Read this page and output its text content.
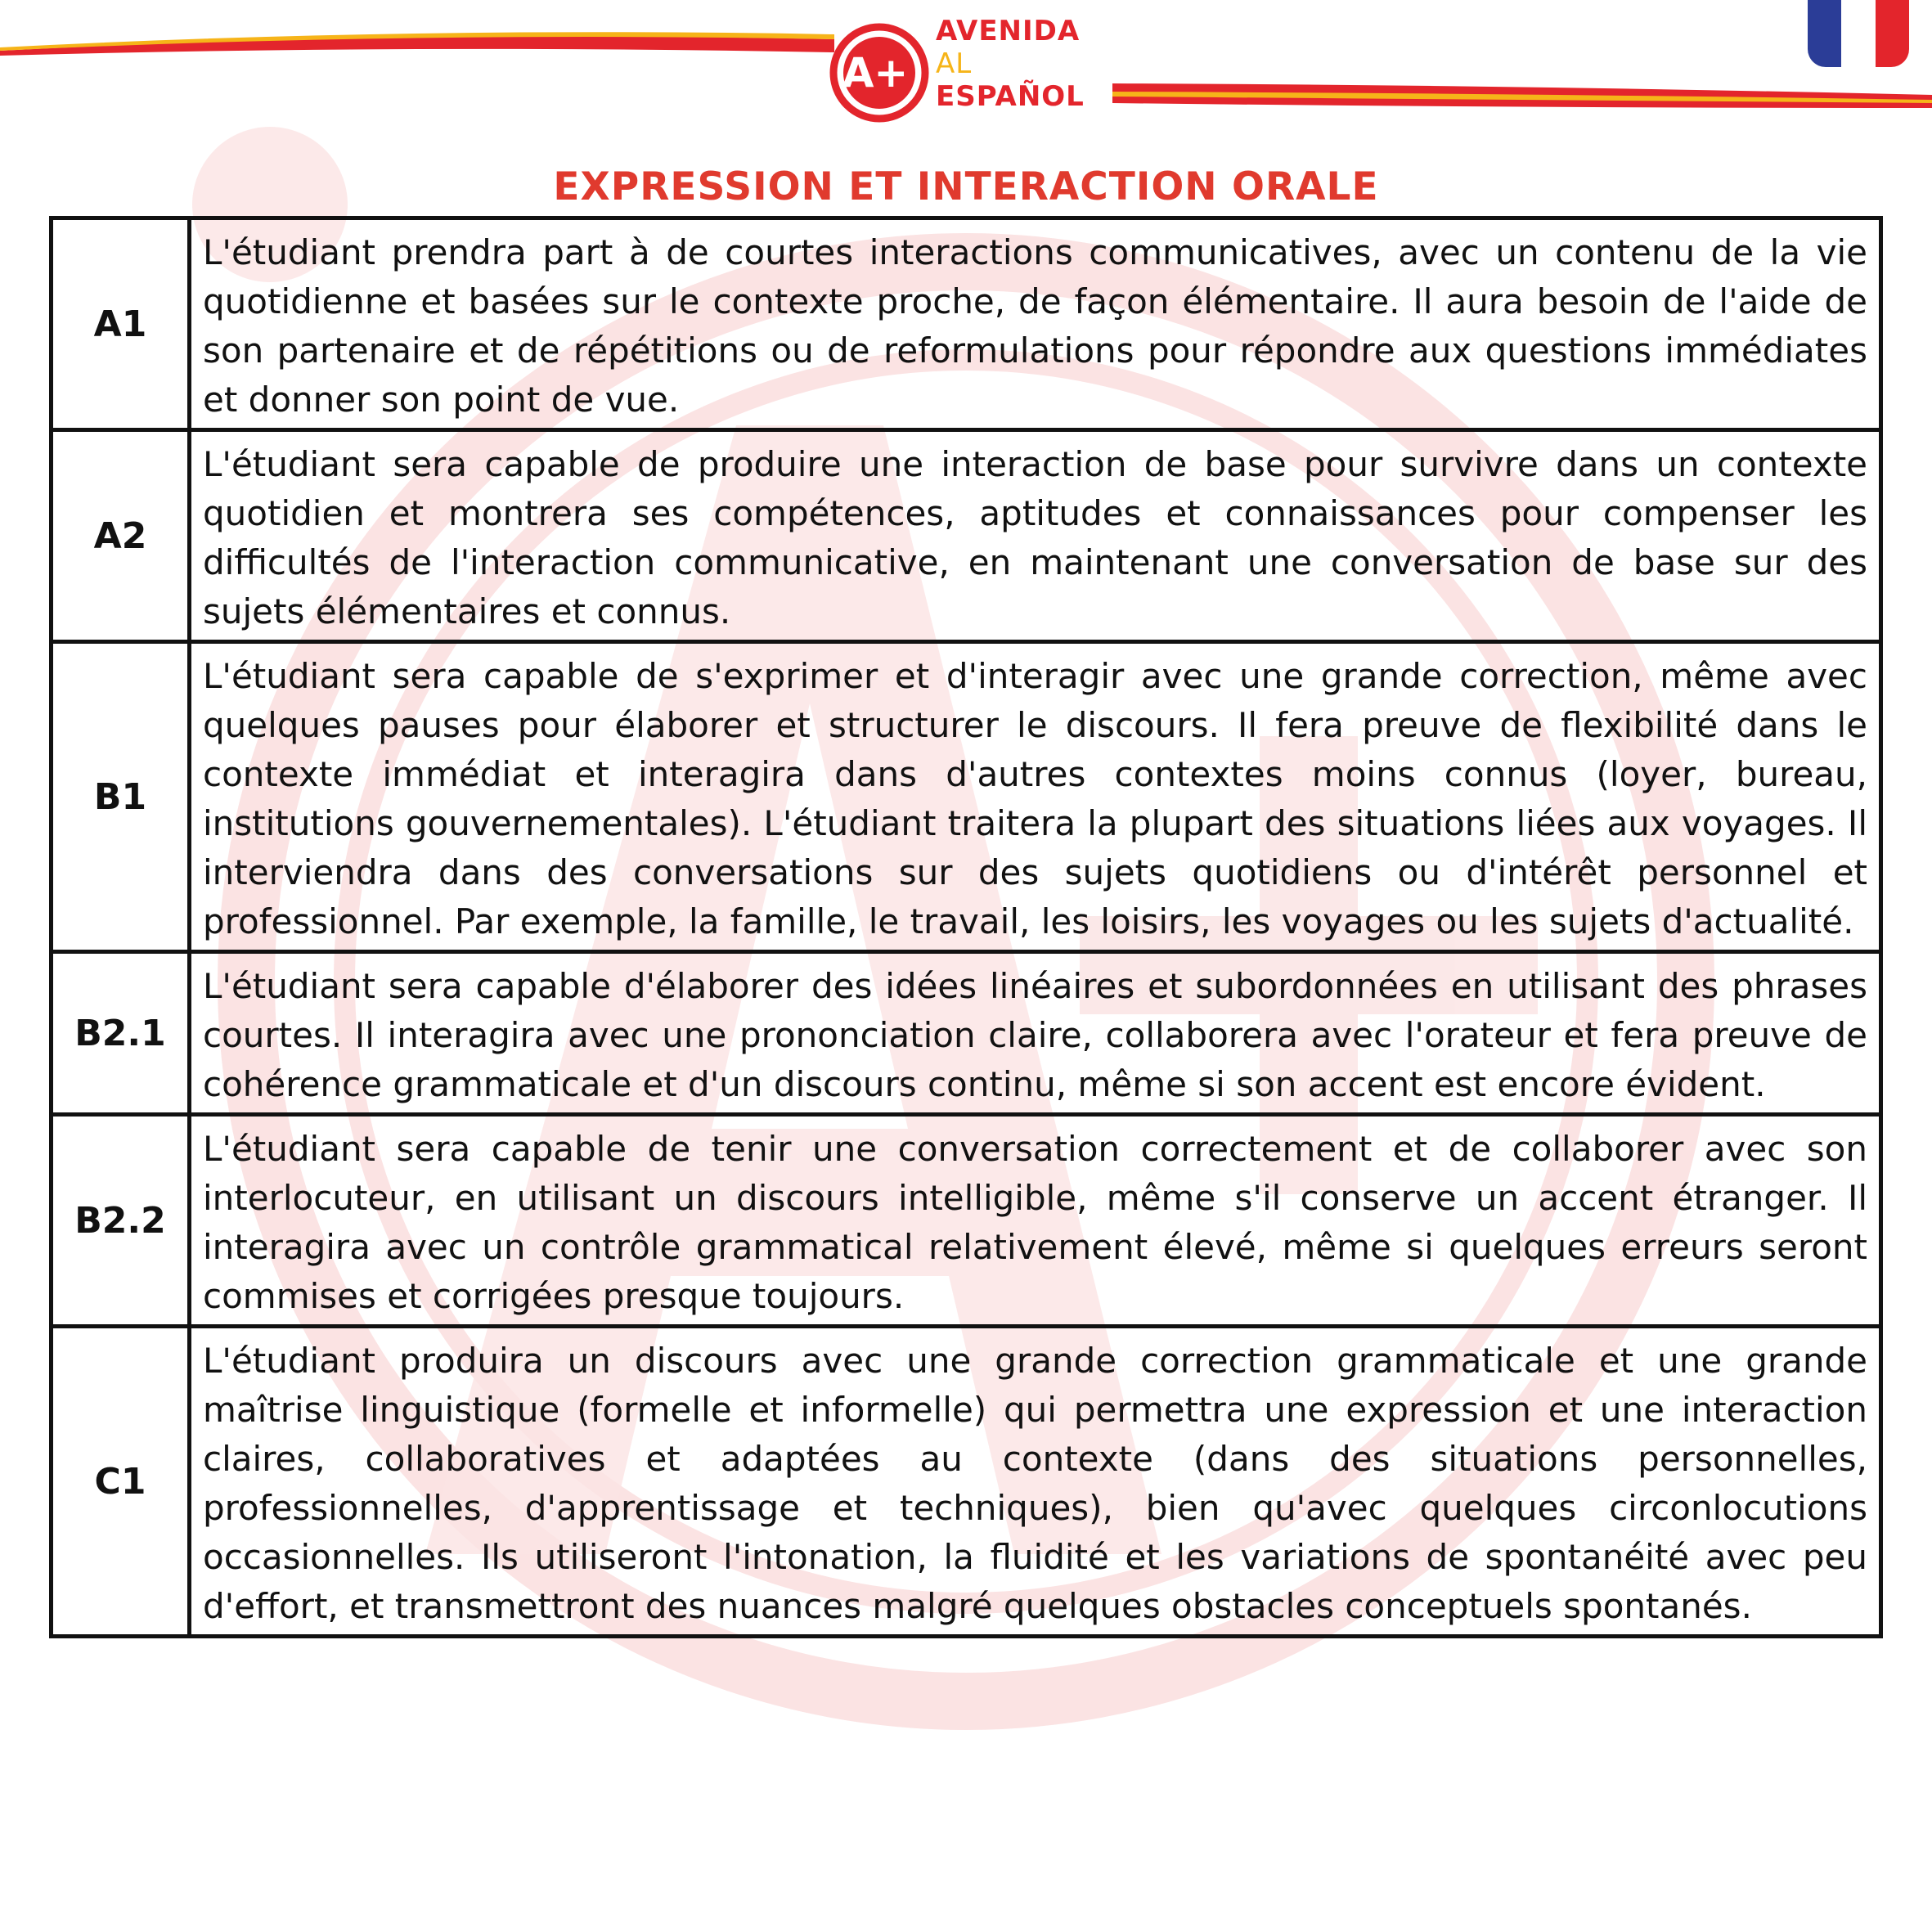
A+
AVENIDA
AL
ESPAÑOL
EXPRESSION ET INTERACTION ORALE
A1	L'étudiant prendra part à de courtes interactions communicatives, avec un contenu de la vie quotidienne et basées sur le contexte proche, de façon élémentaire. Il aura besoin de l'aide de son partenaire et de répétitions ou de reformulations pour répondre aux questions immédiates et donner son point de vue.
A2	L'étudiant sera capable de produire une interaction de base pour survivre dans un contexte quotidien et montrera ses compétences, aptitudes et connaissances pour compenser les difficultés de l'interaction communicative, en maintenant une conversation de base sur des sujets élémentaires et connus.
B1	L'étudiant sera capable de s'exprimer et d'interagir avec une grande correction, même avec quelques pauses pour élaborer et structurer le discours. Il fera preuve de flexibilité dans le contexte immédiat et interagira dans d'autres contextes moins connus (loyer, bureau, institutions gouvernementales). L'étudiant traitera la plupart des situations liées aux voyages. Il interviendra dans des conversations sur des sujets quotidiens ou d'intérêt personnel et professionnel. Par exemple, la famille, le travail, les loisirs, les voyages ou les sujets d'actualité.
B2.1	L'étudiant sera capable d'élaborer des idées linéaires et subordonnées en utilisant des phrases courtes. Il interagira avec une prononciation claire, collaborera avec l'orateur et fera preuve de cohérence grammaticale et d'un discours continu, même si son accent est encore évident.
B2.2	L'étudiant sera capable de tenir une conversation correctement et de collaborer avec son interlocuteur, en utilisant un discours intelligible, même s'il conserve un accent étranger. Il interagira avec un contrôle grammatical relativement élevé, même si quelques erreurs seront commises et corrigées presque toujours.
C1	L'étudiant produira un discours avec une grande correction grammaticale et une grande maîtrise linguistique (formelle et informelle) qui permettra une expression et une interaction claires, collaboratives et adaptées au contexte (dans des situations personnelles, professionnelles, d'apprentissage et techniques), bien qu'avec quelques circonlocutions occasionnelles. Ils utiliseront l'intonation, la fluidité et les variations de spontanéité avec peu d'effort, et transmettront des nuances malgré quelques obstacles conceptuels spontanés.
